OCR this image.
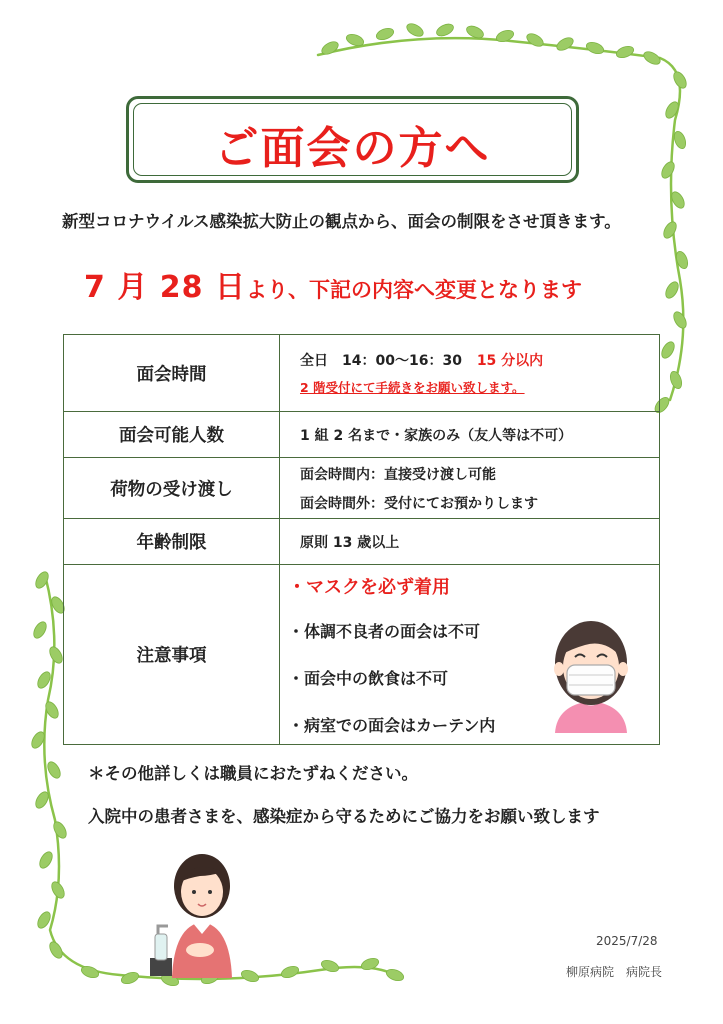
ご面会の方へ
新型コロナウイルス感染拡大防止の観点から、面会の制限をさせ頂きます。
7 月 28 日より、下記の内容へ変更となります
面会時間	全日　14：00～16：30 15 分以内
2 階受付にて手続きをお願い致します。

面会可能人数	1 組 2 名まで・家族のみ（友人等は不可）
荷物の受け渡し	面会時間内：直接受け渡し可能
面会時間外：受付にてお預かりします

年齢制限	原則 13 歳以上
注意事項	・マスクを必ず着用
・体調不良者の面会は不可
・面会中の飲食は不可
・病室での面会はカーテン内
＊その他詳しくは職員におたずねください。
入院中の患者さまを、感染症から守るためにご協力をお願い致します
2025/7/28
柳原病院　病院長
